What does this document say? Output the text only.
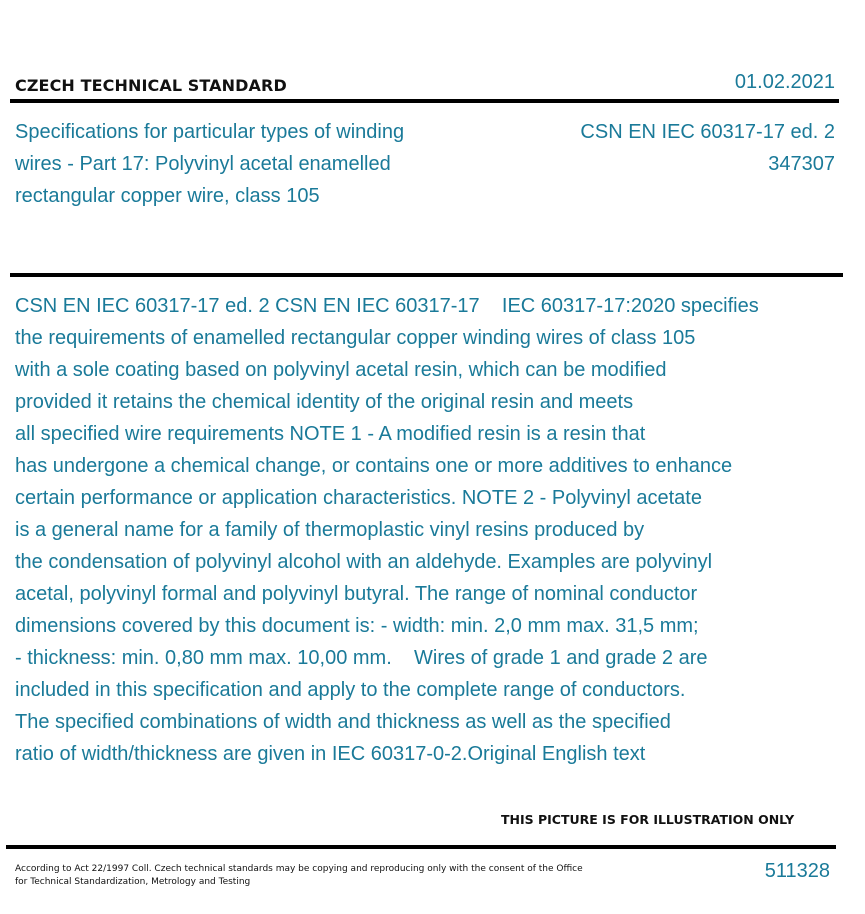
CZECH TECHNICAL STANDARD	01.02.2021
Specifications for particular types of winding
wires - Part 17: Polyvinyl acetal enamelled
rectangular copper wire, class 105
CSN EN IEC 60317-17 ed. 2
347307
CSN EN IEC 60317-17 ed. 2 CSN EN IEC 60317-17    IEC 60317-17:2020 specifies
the requirements of enamelled rectangular copper winding wires of class 105
with a sole coating based on polyvinyl acetal resin, which can be modified
provided it retains the chemical identity of the original resin and meets
all specified wire requirements NOTE 1 - A modified resin is a resin that
has undergone a chemical change, or contains one or more additives to enhance
certain performance or application characteristics. NOTE 2 - Polyvinyl acetate
is a general name for a family of thermoplastic vinyl resins produced by
the condensation of polyvinyl alcohol with an aldehyde. Examples are polyvinyl
acetal, polyvinyl formal and polyvinyl butyral. The range of nominal conductor
dimensions covered by this document is: - width: min. 2,0 mm max. 31,5 mm;
- thickness: min. 0,80 mm max. 10,00 mm.    Wires of grade 1 and grade 2 are
included in this specification and apply to the complete range of conductors.
The specified combinations of width and thickness as well as the specified
ratio of width/thickness are given in IEC 60317-0-2.Original English text
THIS PICTURE IS FOR ILLUSTRATION ONLY
According to Act 22/1997 Coll. Czech technical standards may be copying and reproducing only with the consent of the Office
for Technical Standardization, Metrology and Testing	511328
